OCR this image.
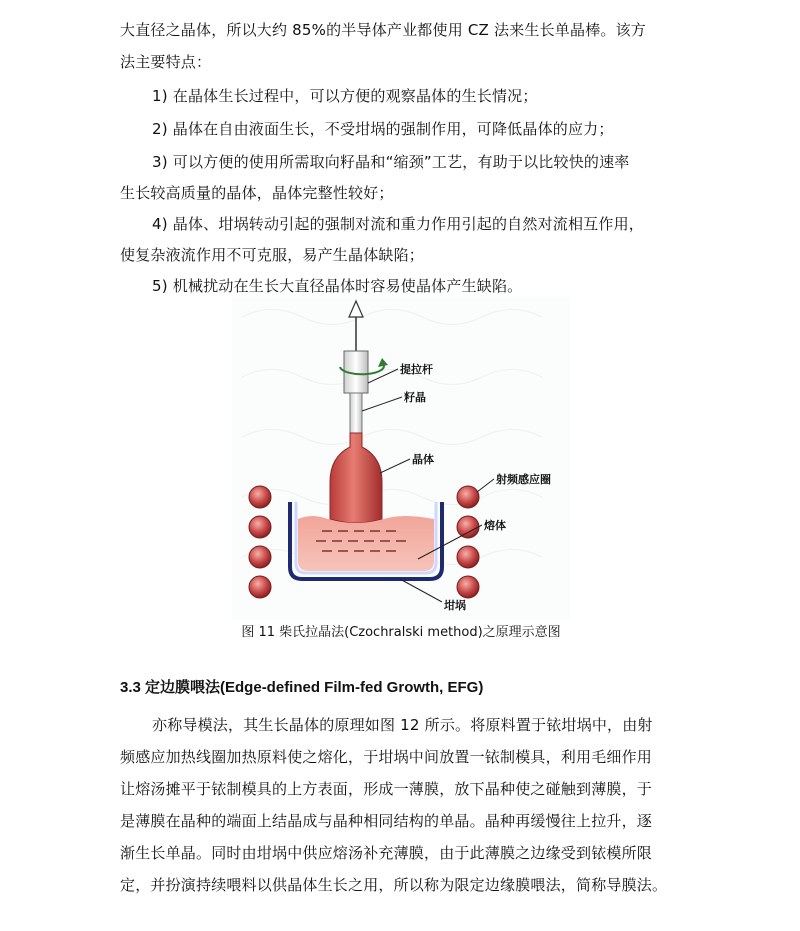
大直径之晶体，所以大约 85%的半导体产业都使用 CZ 法来生长单晶棒。该方
法主要特点：
1) 在晶体生长过程中，可以方便的观察晶体的生长情况；
2) 晶体在自由液面生长，不受坩埚的强制作用，可降低晶体的应力；
3) 可以方便的使用所需取向籽晶和“缩颈”工艺，有助于以比较快的速率
生长较高质量的晶体，晶体完整性较好；
4) 晶体、坩埚转动引起的强制对流和重力作用引起的自然对流相互作用，
使复杂液流作用不可克服，易产生晶体缺陷；
5) 机械扰动在生长大直径晶体时容易使晶体产生缺陷。
提拉杆
籽晶
晶体
射频感应圈
熔体
坩埚
图 11 柴氏拉晶法(Czochralski method)之原理示意图
3.3 定边膜喂法(Edge-defined Film-fed Growth, EFG)
亦称导模法，其生长晶体的原理如图 12 所示。将原料置于铱坩埚中，由射
频感应加热线圈加热原料使之熔化，于坩埚中间放置一铱制模具，利用毛细作用
让熔汤摊平于铱制模具的上方表面，形成一薄膜，放下晶种使之碰触到薄膜，于
是薄膜在晶种的端面上结晶成与晶种相同结构的单晶。晶种再缓慢往上拉升，逐
渐生长单晶。同时由坩埚中供应熔汤补充薄膜，由于此薄膜之边缘受到铱模所限
定，并扮演持续喂料以供晶体生长之用，所以称为限定边缘膜喂法，简称导膜法。
